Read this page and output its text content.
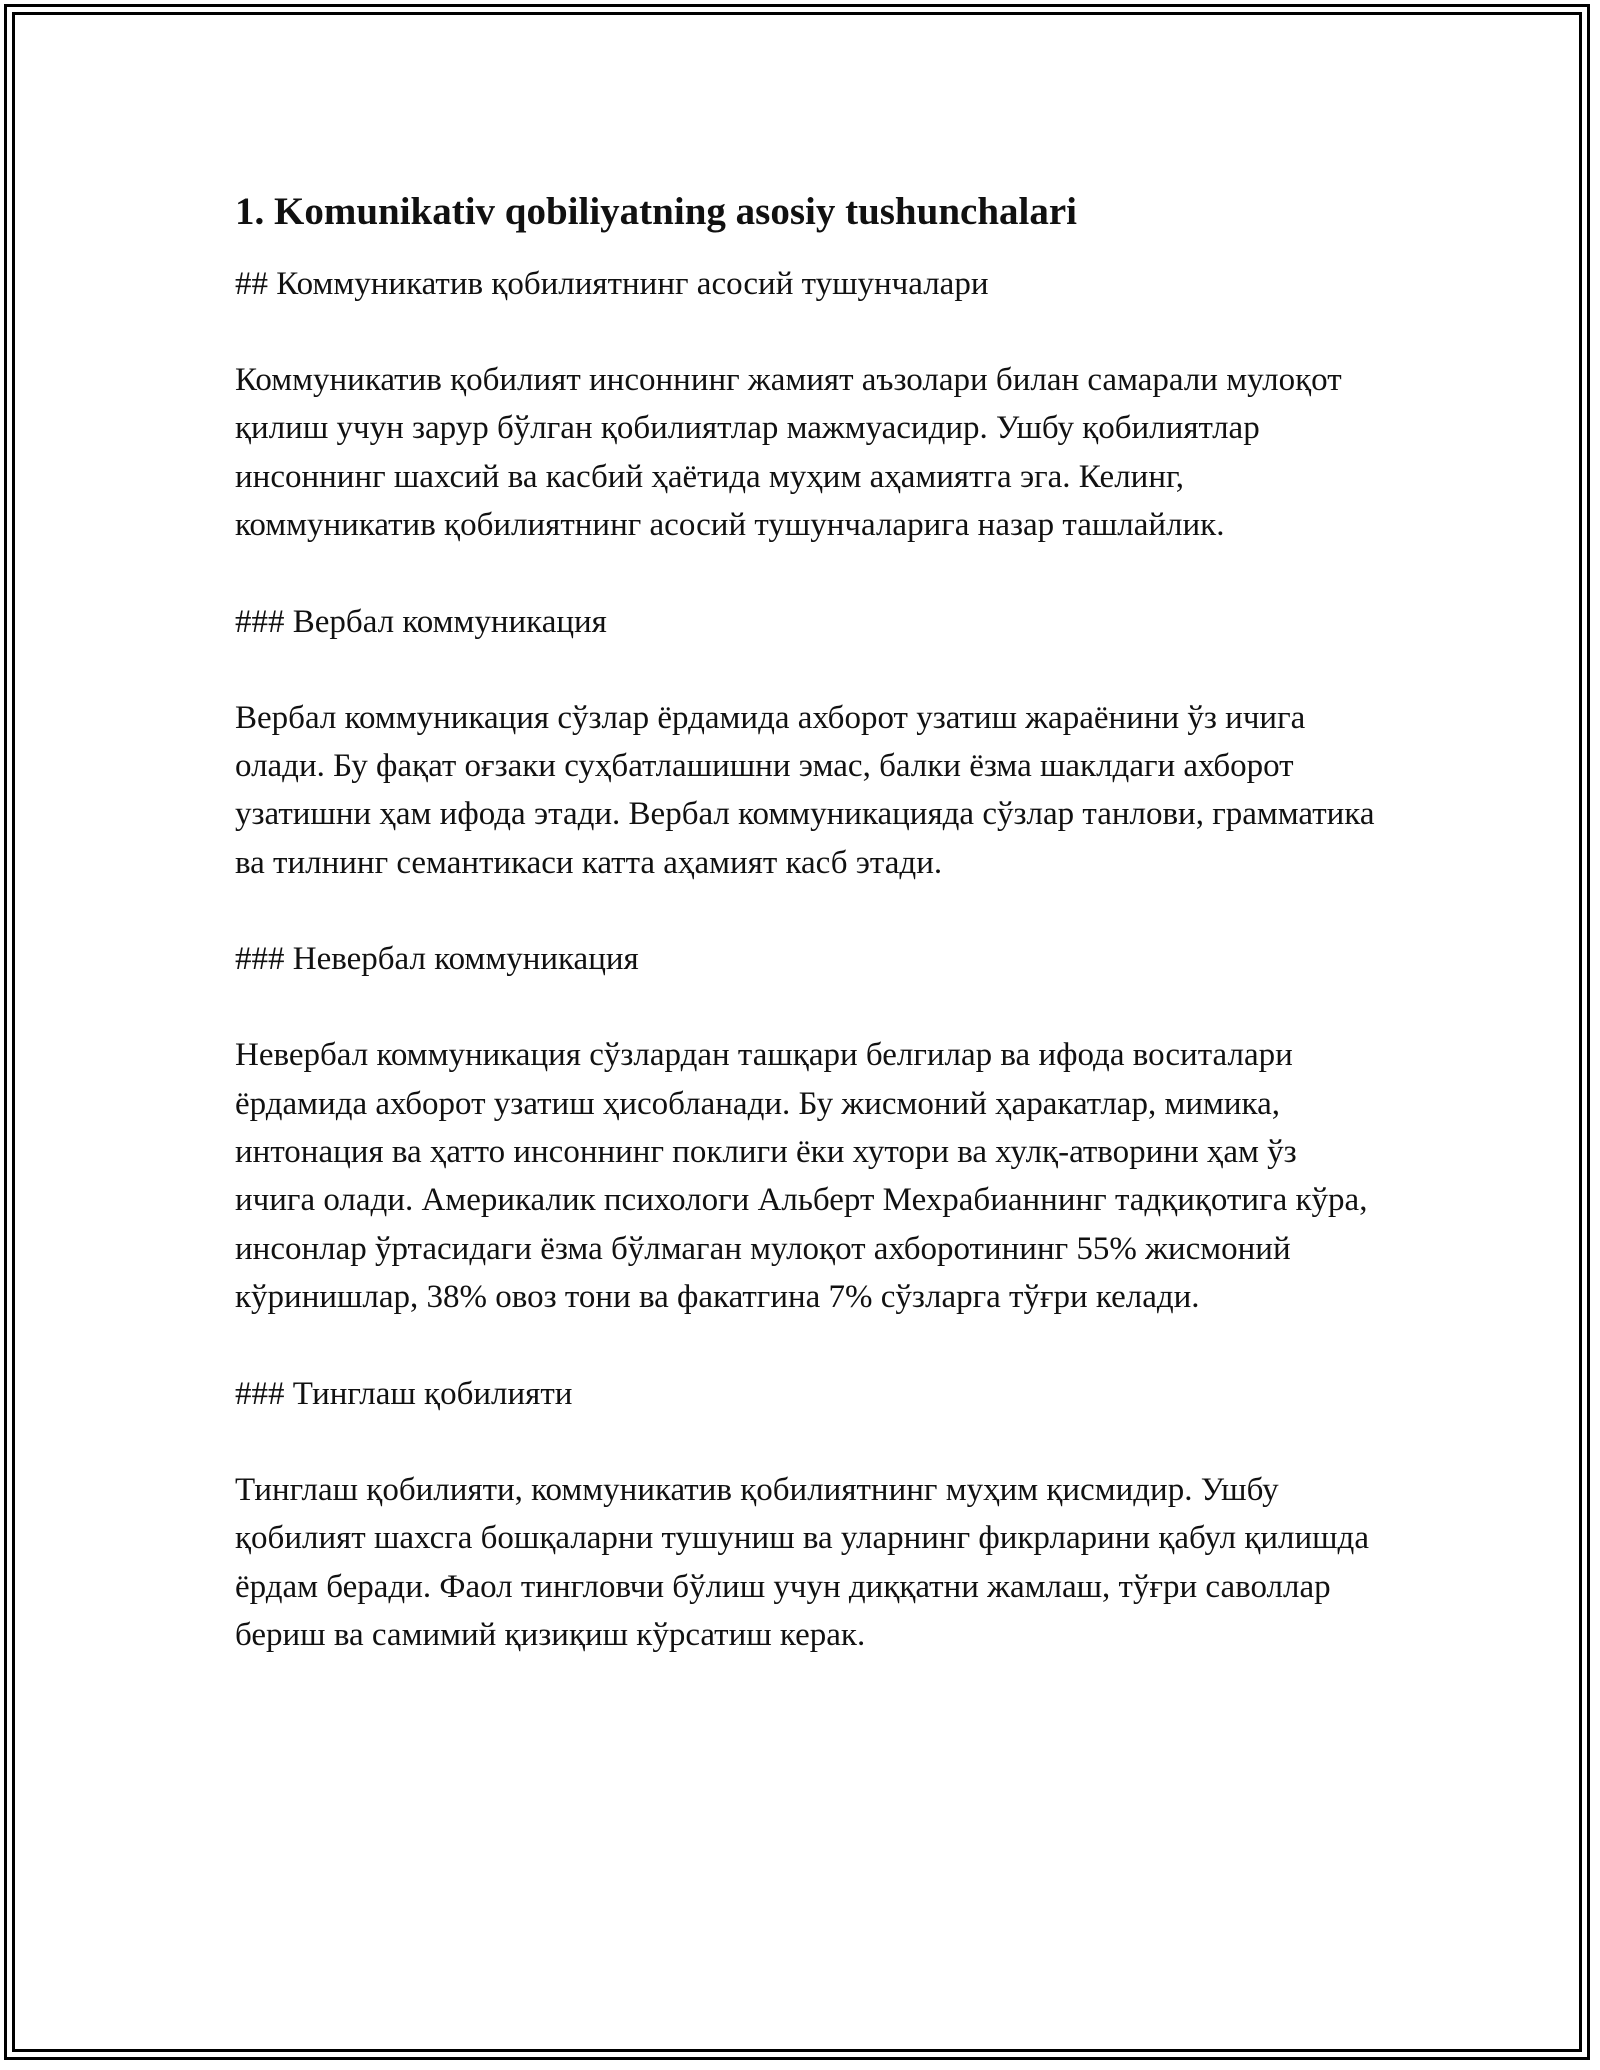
1. Komunikativ qobiliyatning asosiy tushunchalari
## Коммуникатив қобилиятнинг асосий тушунчалари

Коммуникатив қобилият инсоннинг жамият аъзолари билан самарали мулоқот қилиш учун зарур бўлган қобилиятлар мажмуасидир. Ушбу қобилиятлар инсоннинг шахсий ва касбий ҳаётида муҳим аҳамиятга эга. Келинг, коммуникатив қобилиятнинг асосий тушунчаларига назар ташлайлик.

### Вербал коммуникация

Вербал коммуникация сўзлар ёрдамида ахборот узатиш жараёнини ўз ичига олади. Бу фақат оғзаки суҳбатлашишни эмас, балки ёзма шаклдаги ахборот узатишни ҳам ифода этади. Вербал коммуникацияда сўзлар танлови, грамматика ва тилнинг семантикаси катта аҳамият касб этади.

### Невербал коммуникация

Невербал коммуникация сўзлардан ташқари белгилар ва ифода воситалари ёрдамида ахборот узатиш ҳисобланади. Бу жисмоний ҳаракатлар, мимика, интонация ва ҳатто инсоннинг поклиги ёки хутори ва хулқ-атворини ҳам ўз ичига олади. Америкалик психологи Альберт Мехрабианнинг тадқиқотига кўра, инсонлар ўртасидаги ёзма бўлмаган мулоқот ахборотининг 55% жисмоний кўринишлар, 38% овоз тони ва факатгина 7% сўзларга тўғри келади.

### Тинглаш қобилияти

Тинглаш қобилияти, коммуникатив қобилиятнинг муҳим қисмидир. Ушбу қобилият шахсга бошқаларни тушуниш ва уларнинг фикрларини қабул қилишда ёрдам беради. Фаол тингловчи бўлиш учун диққатни жамлаш, тўғри саволлар бериш ва самимий қизиқиш кўрсатиш керак.
